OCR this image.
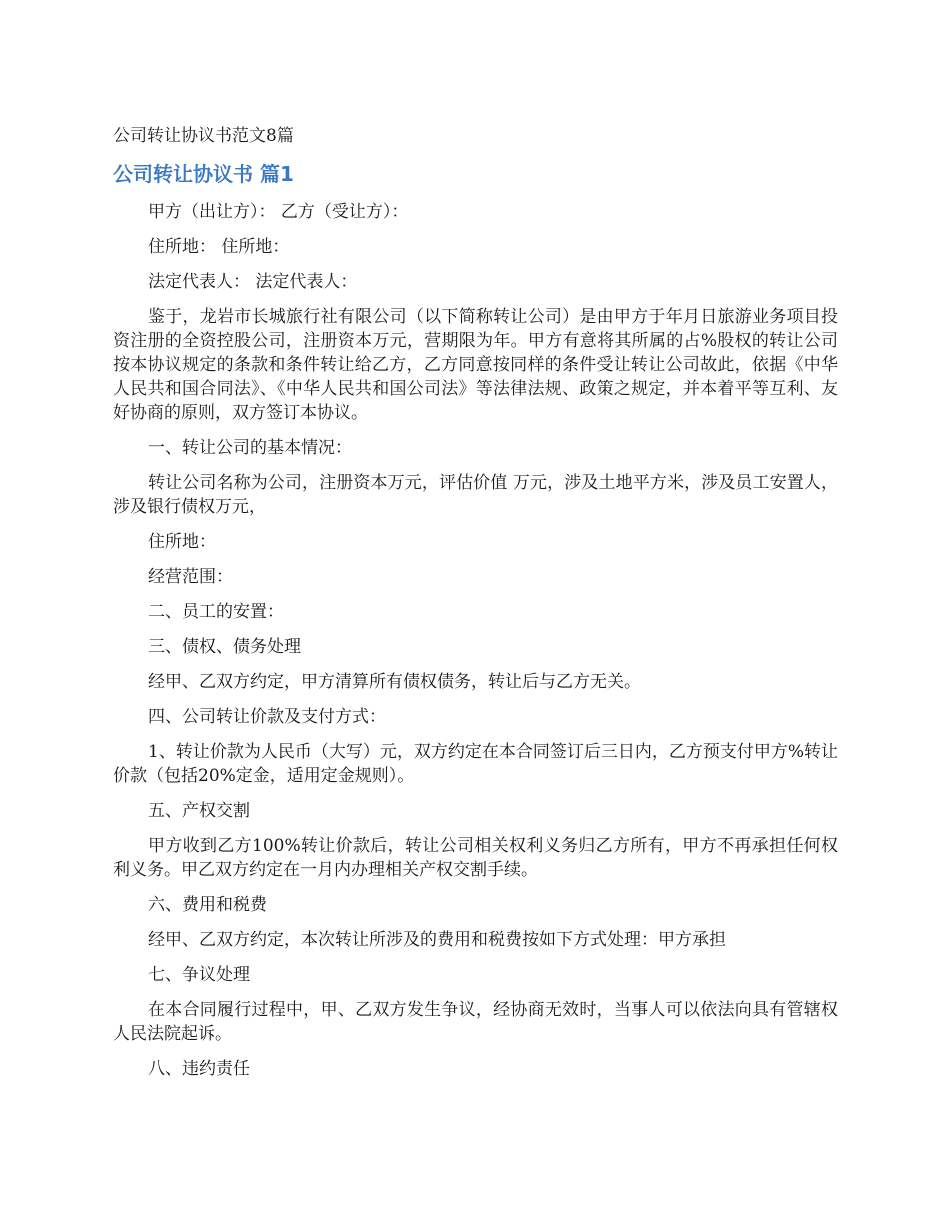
公司转让协议书范文8篇
公司转让协议书 篇1

甲方（出让方）： 乙方（受让方）：

住所地： 住所地：

法定代表人： 法定代表人：

鉴于，龙岩市长城旅行社有限公司（以下简称转让公司）是由甲方于年月日旅游业务项目投资注册的全资控股公司，注册资本万元，营期限为年。甲方有意将其所属的占%股权的转让公司按本协议规定的条款和条件转让给乙方，乙方同意按同样的条件受让转让公司故此，依据《中华人民共和国合同法》、《中华人民共和国公司法》等法律法规、政策之规定，并本着平等互利、友好协商的原则，双方签订本协议。

一、转让公司的基本情况：

转让公司名称为公司，注册资本万元，评估价值 万元，涉及土地平方米，涉及员工安置人，涉及银行债权万元，

住所地：

经营范围：

二、员工的安置：

三、债权、债务处理

经甲、乙双方约定，甲方清算所有债权债务，转让后与乙方无关。

四、公司转让价款及支付方式：

1、转让价款为人民币（大写）元，双方约定在本合同签订后三日内，乙方预支付甲方%转让价款（包括20%定金，适用定金规则）。

五、产权交割

甲方收到乙方100%转让价款后，转让公司相关权利义务归乙方所有，甲方不再承担任何权利义务。甲乙双方约定在一月内办理相关产权交割手续。

六、费用和税费

经甲、乙双方约定，本次转让所涉及的费用和税费按如下方式处理：甲方承担

七、争议处理

在本合同履行过程中，甲、乙双方发生争议，经协商无效时，当事人可以依法向具有管辖权人民法院起诉。

八、违约责任
